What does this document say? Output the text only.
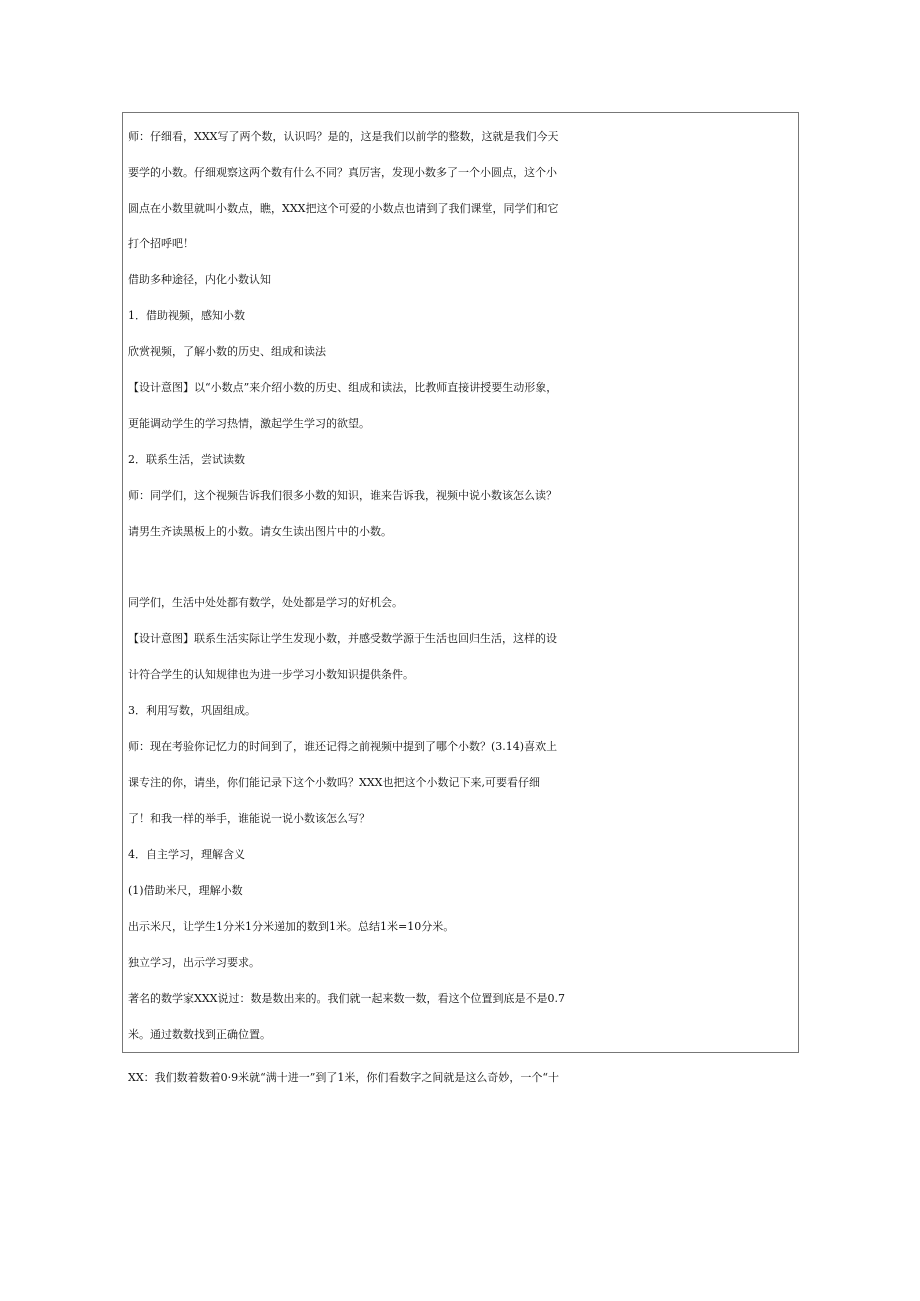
师：仔细看，XXX写了两个数，认识吗？是的，这是我们以前学的整数，这就是我们今天
要学的小数。仔细观察这两个数有什么不同？真厉害，发现小数多了一个小圆点，这个小
圆点在小数里就叫小数点，瞧，XXX把这个可爱的小数点也请到了我们课堂，同学们和它
打个招呼吧！
借助多种途径，内化小数认知
1．借助视频，感知小数
欣赏视频，了解小数的历史、组成和读法
【设计意图】以“小数点”来介绍小数的历史、组成和读法，比教师直接讲授要生动形象，
更能调动学生的学习热情，激起学生学习的欲望。
2．联系生活，尝试读数
师：同学们，这个视频告诉我们很多小数的知识，谁来告诉我，视频中说小数该怎么读？
请男生齐读黑板上的小数。请女生读出图片中的小数。
同学们，生活中处处都有数学，处处都是学习的好机会。
【设计意图】联系生活实际让学生发现小数，并感受数学源于生活也回归生活，这样的设
计符合学生的认知规律也为进一步学习小数知识提供条件。
3．利用写数，巩固组成。
师：现在考验你记忆力的时间到了，谁还记得之前视频中提到了哪个小数？(3.14)喜欢上
课专注的你，请坐，你们能记录下这个小数吗？XXX也把这个小数记下来,可要看仔细
了！和我一样的举手，谁能说一说小数该怎么写？
4．自主学习，理解含义
(1)借助米尺，理解小数
出示米尺，让学生1分米1分米递加的数到1米。总结1米=10分米。
独立学习，出示学习要求。
著名的数学家XXX说过：数是数出来的。我们就一起来数一数，看这个位置到底是不是0.7
米。通过数数找到正确位置。
XX：我们数着数着0·9米就“满十进一”到了1米，你们看数字之间就是这么奇妙，一个“十
